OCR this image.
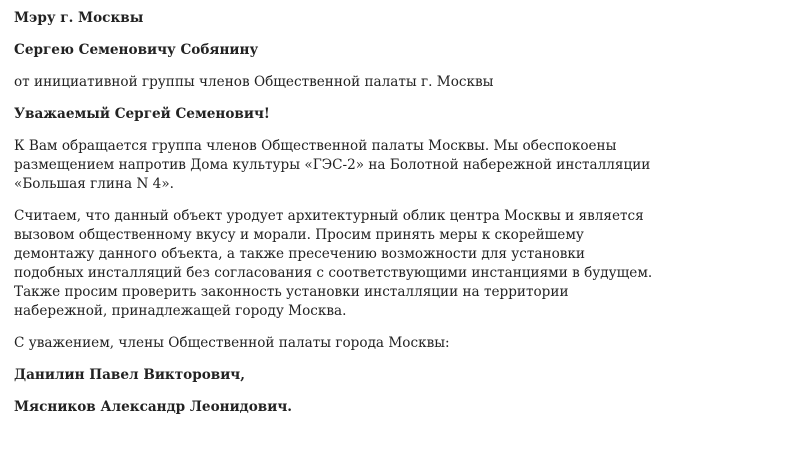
Мэру г. Москвы

Сергею Семеновичу Собянину

от инициативной группы членов Общественной палаты г. Москвы

Уважаемый Сергей Семенович!

К Вам обращается группа членов Общественной палаты Москвы. Мы обеспокоены размещением напротив Дома культуры «ГЭС-2» на Болотной набережной инсталляции «Большая глина N 4».

Считаем, что данный объект уродует архитектурный облик центра Москвы и является вызовом общественному вкусу и морали. Просим принять меры к скорейшему демонтажу данного объекта, а также пресечению возможности для установки подобных инсталляций без согласования с соответствующими инстанциями в будущем. Также просим проверить законность установки инсталляции на территории набережной, принадлежащей городу Москва.

С уважением, члены Общественной палаты города Москвы:

Данилин Павел Викторович,

Мясников Александр Леонидович.
